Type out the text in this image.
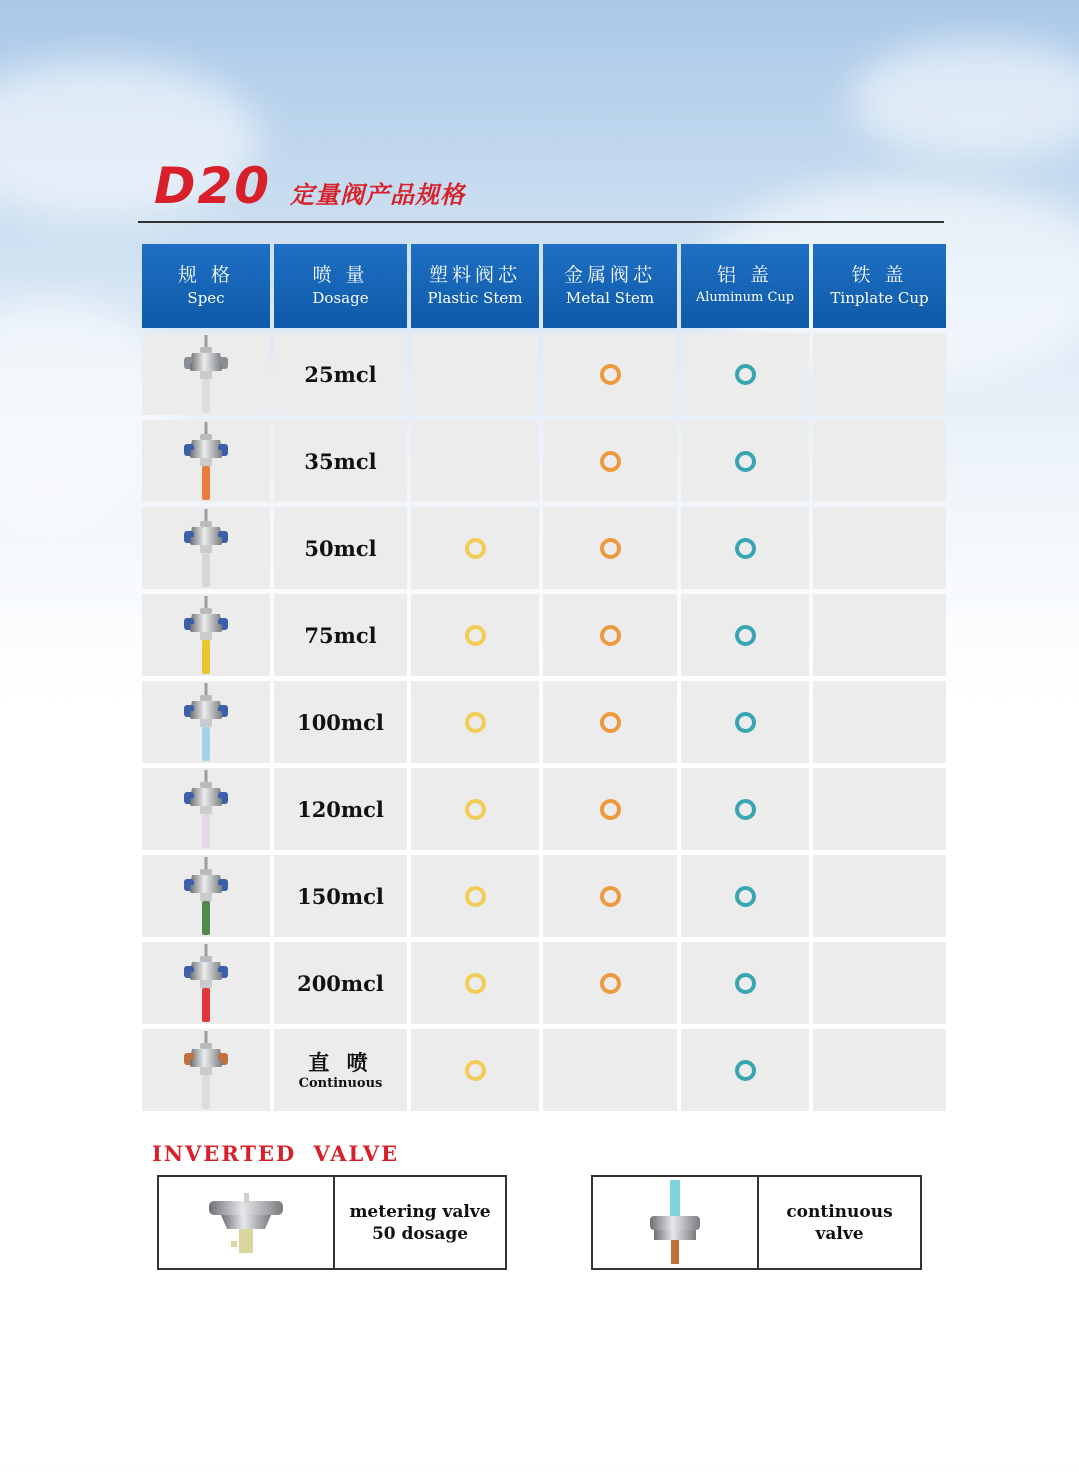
D20 定量阀产品规格
规 格
Spec
喷 量
Dosage
塑料阀芯
Plastic Stem
金属阀芯
Metal Stem
铝 盖
Aluminum Cup
铁 盖
Tinplate Cup
25mcl
35mcl
50mcl
75mcl
100mcl
120mcl
150mcl
200mcl
直 喷
Continuous
INVERTED VALVE
metering valve
50 dosage
continuous
valve
